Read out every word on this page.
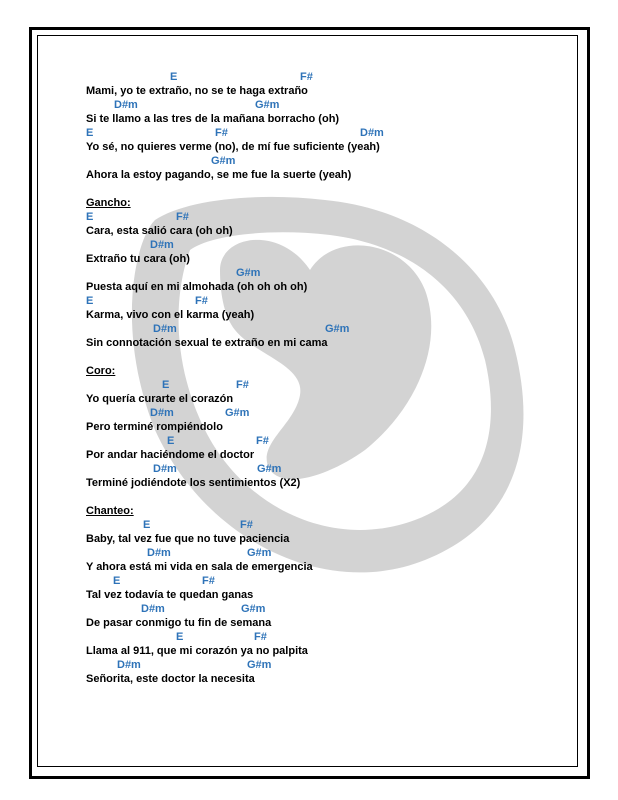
E	F#
Mami, yo te extraño, no se te haga extraño
D#m	G#m
Si te llamo a las tres de la mañana borracho (oh)
E	F#	D#m
Yo sé, no quieres verme (no), de mí fue suficiente (yeah)
G#m
Ahora la estoy pagando, se me fue la suerte (yeah)
Gancho:
E	F#
Cara, esta salió cara (oh oh)
D#m
Extraño tu cara (oh)
G#m
Puesta aquí en mi almohada (oh oh oh oh)
E	F#
Karma, vivo con el karma (yeah)
D#m	G#m
Sin connotación sexual te extraño en mi cama
Coro:
E	F#
Yo quería curarte el corazón
D#m	G#m
Pero terminé rompiéndolo
E	F#
Por andar haciéndome el doctor
D#m	G#m
Terminé jodiéndote los sentimientos (X2)
Chanteo:
E	F#
Baby, tal vez fue que no tuve paciencia
D#m	G#m
Y ahora está mi vida en sala de emergencia
E	F#
Tal vez todavía te quedan ganas
D#m	G#m
De pasar conmigo tu fin de semana
E	F#
Llama al 911, que mi corazón ya no palpita
D#m	G#m
Señorita, este doctor la necesita
